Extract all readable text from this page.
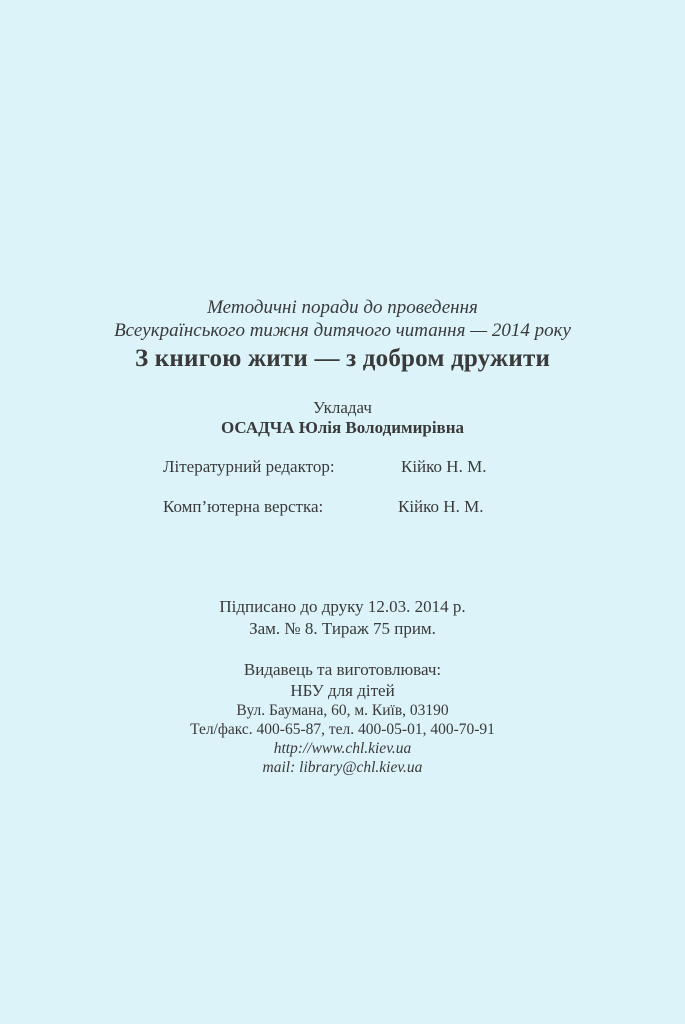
Методичні поради до проведення
Всеукраїнського тижня дитячого читання — 2014 року
З книгою жити — з добром дружити
Укладач
ОСАДЧА Юлія Володимирівна
Літературний редактор:	Кійко Н. М.
Комп’ютерна верстка:	Кійко Н. М.
Підписано до друку 12.03. 2014 р.
Зам. № 8. Тираж 75 прим.
Видавець та виготовлювач:
НБУ для дітей
Вул. Баумана, 60, м. Київ, 03190
Тел/факс. 400-65-87, тел. 400-05-01, 400-70-91
http://www.chl.kiev.ua
mail: library@chl.kiev.ua
